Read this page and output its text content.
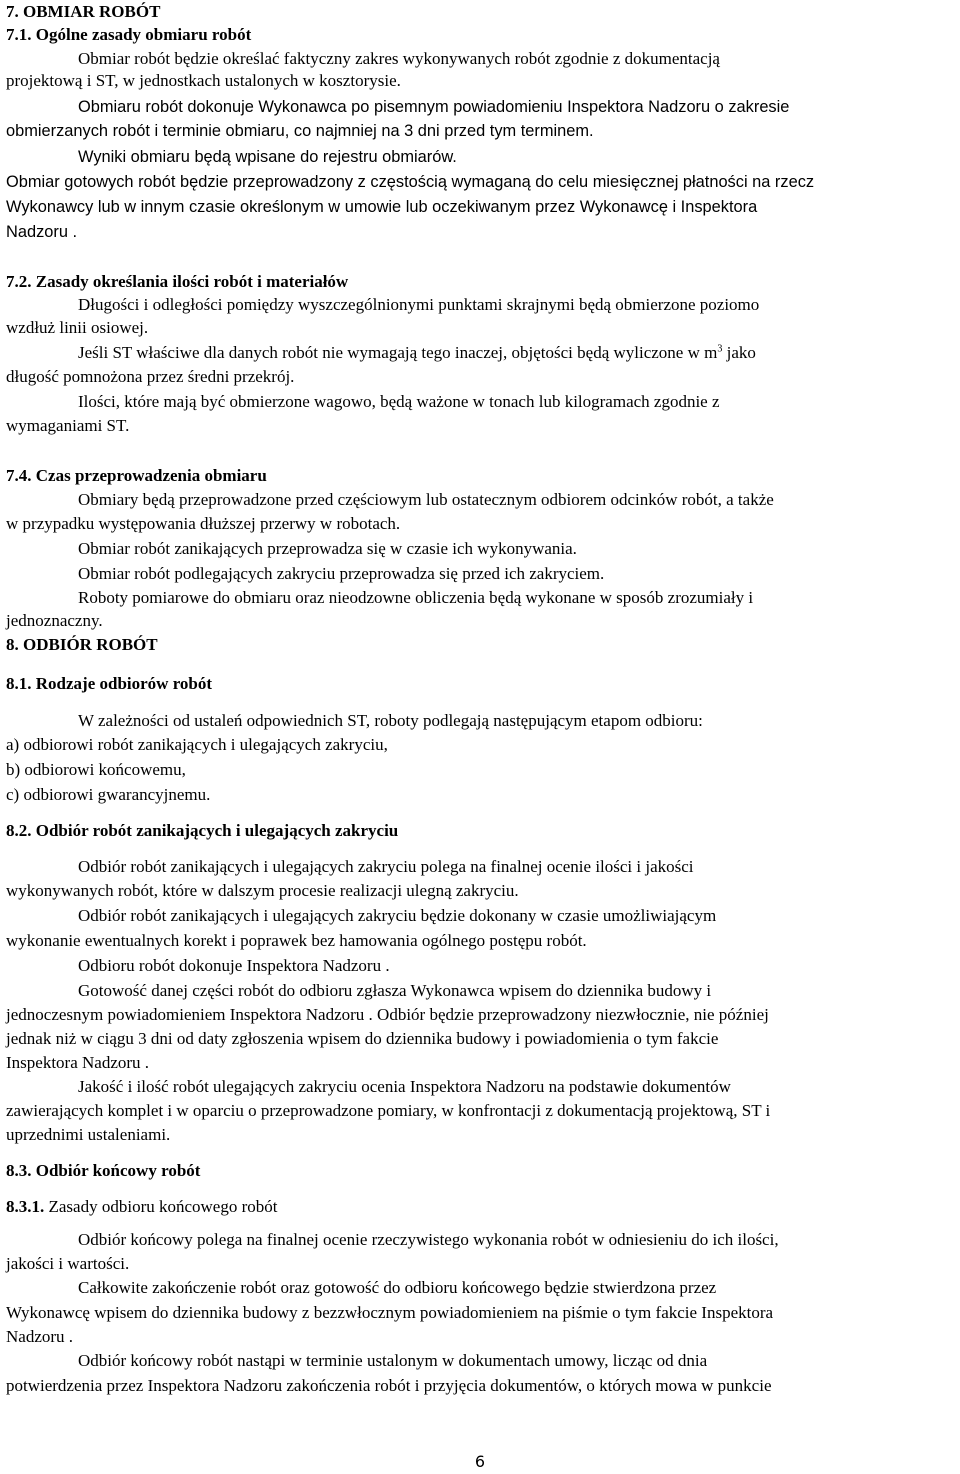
7. OBMIAR ROBÓT
7.1. Ogólne zasady obmiaru robót
Obmiar robót będzie określać faktyczny zakres wykonywanych robót zgodnie z dokumentacją
projektową i ST, w jednostkach ustalonych w kosztorysie.
Obmiaru robót dokonuje Wykonawca po pisemnym powiadomieniu Inspektora Nadzoru o zakresie
obmierzanych robót i terminie obmiaru, co najmniej na 3 dni przed tym terminem.
Wyniki obmiaru będą wpisane do rejestru obmiarów.
Obmiar gotowych robót będzie przeprowadzony z częstością wymaganą do celu miesięcznej płatności na rzecz
Wykonawcy lub w innym czasie określonym w umowie lub oczekiwanym przez Wykonawcę i Inspektora
Nadzoru .
7.2. Zasady określania ilości robót i materiałów
Długości i odległości pomiędzy wyszczególnionymi punktami skrajnymi będą obmierzone poziomo
wzdłuż linii osiowej.
Jeśli ST właściwe dla danych robót nie wymagają tego inaczej, objętości będą wyliczone w $m^3$ jako
długość pomnożona przez średni przekrój.
Ilości, które mają być obmierzone wagowo, będą ważone w tonach lub kilogramach zgodnie z
wymaganiami ST.
7.4. Czas przeprowadzenia obmiaru
Obmiary będą przeprowadzone przed częściowym lub ostatecznym odbiorem odcinków robót, a także
w przypadku występowania dłuższej przerwy w robotach.
Obmiar robót zanikających przeprowadza się w czasie ich wykonywania.
Obmiar robót podlegających zakryciu przeprowadza się przed ich zakryciem.
Roboty pomiarowe do obmiaru oraz nieodzowne obliczenia będą wykonane w sposób zrozumiały i
jednoznaczny.
8. ODBIÓR ROBÓT
8.1. Rodzaje odbiorów robót
W zależności od ustaleń odpowiednich ST, roboty podlegają następującym etapom odbioru:
a) odbiorowi robót zanikających i ulegających zakryciu,
b) odbiorowi końcowemu,
c) odbiorowi gwarancyjnemu.
8.2. Odbiór robót zanikających i ulegających zakryciu
Odbiór robót zanikających i ulegających zakryciu polega na finalnej ocenie ilości i jakości
wykonywanych robót, które w dalszym procesie realizacji ulegną zakryciu.
Odbiór robót zanikających i ulegających zakryciu będzie dokonany w czasie umożliwiającym
wykonanie ewentualnych korekt i poprawek bez hamowania ogólnego postępu robót.
Odbioru robót dokonuje Inspektora Nadzoru .
Gotowość danej części robót do odbioru zgłasza Wykonawca wpisem do dziennika budowy i
jednoczesnym powiadomieniem Inspektora Nadzoru . Odbiór będzie przeprowadzony niezwłocznie, nie później
jednak niż w ciągu 3 dni od daty zgłoszenia wpisem do dziennika budowy i powiadomienia o tym fakcie
Inspektora Nadzoru .
Jakość i ilość robót ulegających zakryciu ocenia Inspektora Nadzoru na podstawie dokumentów
zawierających komplet i w oparciu o przeprowadzone pomiary, w konfrontacji z dokumentacją projektową, ST i
uprzednimi ustaleniami.
8.3. Odbiór końcowy robót
8.3.1. Zasady odbioru końcowego robót
Odbiór końcowy polega na finalnej ocenie rzeczywistego wykonania robót w odniesieniu do ich ilości,
jakości i wartości.
Całkowite zakończenie robót oraz gotowość do odbioru końcowego będzie stwierdzona przez
Wykonawcę wpisem do dziennika budowy z bezzwłocznym powiadomieniem na piśmie o tym fakcie Inspektora
Nadzoru .
Odbiór końcowy robót nastąpi w terminie ustalonym w dokumentach umowy, licząc od dnia
potwierdzenia przez Inspektora Nadzoru zakończenia robót i przyjęcia dokumentów, o których mowa w punkcie
6
